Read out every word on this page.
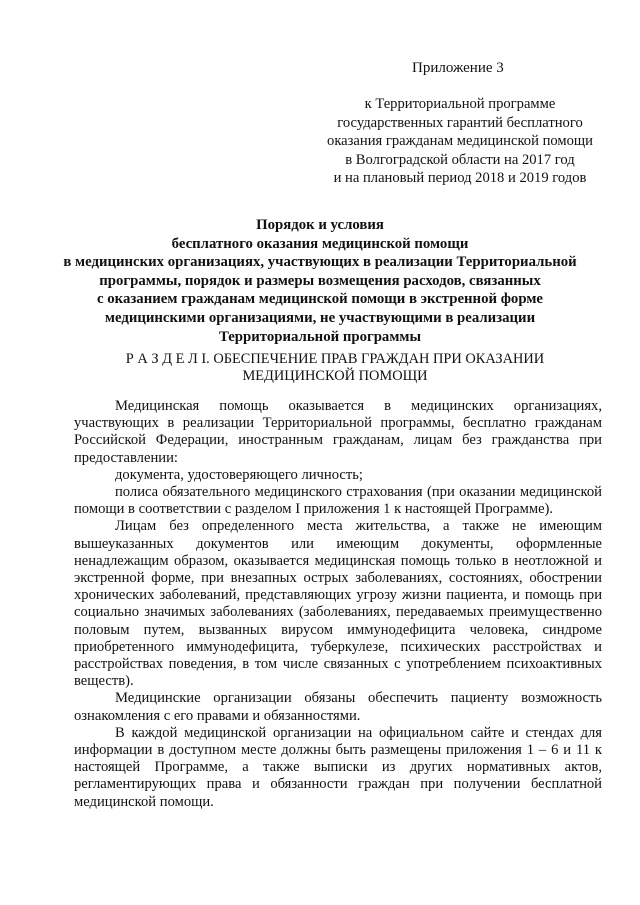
Приложение 3
к Территориальной программе
государственных гарантий бесплатного
оказания гражданам медицинской помощи
в Волгоградской области на 2017 год
и на плановый период 2018 и 2019 годов
Порядок и условия
бесплатного оказания медицинской помощи
в медицинских организациях, участвующих в реализации Территориальной
программы, порядок и размеры возмещения расходов, связанных
с оказанием гражданам медицинской помощи в экстренной форме
медицинскими организациями, не участвующими в реализации
Территориальной программы
Р А З Д Е Л I. ОБЕСПЕЧЕНИЕ ПРАВ ГРАЖДАН ПРИ ОКАЗАНИИ
МЕДИЦИНСКОЙ ПОМОЩИ

Медицинская помощь оказывается в медицинских организациях, участвующих в реализации Территориальной программы, бесплатно гражданам Российской Федерации, иностранным гражданам, лицам без гражданства при предоставлении:

документа, удостоверяющего личность;

полиса обязательного медицинского страхования (при оказании медицинской помощи в соответствии с разделом I приложения 1 к настоящей Программе).

Лицам без определенного места жительства, а также не имеющим вышеуказанных документов или имеющим документы, оформленные ненадлежащим образом, оказывается медицинская помощь только в неотложной и экстренной форме, при внезапных острых заболеваниях, состояниях, обострении хронических заболеваний, представляющих угрозу жизни пациента, и помощь при социально значимых заболеваниях (заболеваниях, передаваемых преимущественно половым путем, вызванных вирусом иммунодефицита человека, синдроме приобретенного иммунодефицита, туберкулезе, психических расстройствах и расстройствах поведения, в том числе связанных с употреблением психоактивных веществ).

Медицинские организации обязаны обеспечить пациенту возможность ознакомления с его правами и обязанностями.

В каждой медицинской организации на официальном сайте и стендах для информации в доступном месте должны быть размещены приложения 1 – 6 и 11 к настоящей Программе, а также выписки из других нормативных актов, регламентирующих права и обязанности граждан при получении бесплатной медицинской помощи.
